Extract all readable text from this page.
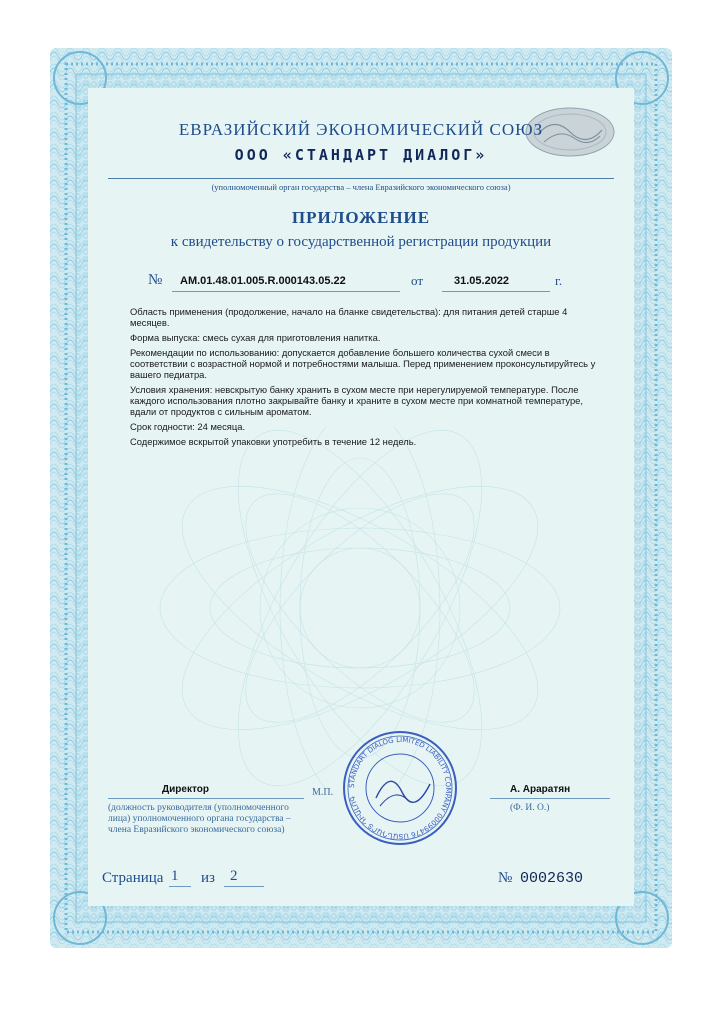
ЕВРАЗИЙСКИЙ ЭКОНОМИЧЕСКИЙ СОЮЗ
ООО «СТАНДАРТ ДИАЛОГ»
(уполномоченный орган государства – члена Евразийского экономического союза)
ПРИЛОЖЕНИЕ
к свидетельству о государственной регистрации продукции
№ AM.01.48.01.005.R.000143.05.22	от	31.05.2022	г.

Область применения (продолжение, начало на бланке свидетельства): для питания детей старше 4 месяцев.

Форма выпуска: смесь сухая для приготовления напитка.

Рекомендации по использованию: допускается добавление большего количества сухой смеси в соответствии с возрастной нормой и потребностями малыша. Перед применением проконсультируйтесь у вашего педиатра.

Условия хранения: невскрытую банку хранить в сухом месте при нерегулируемой температуре. После каждого использования плотно закрывайте банку и храните в сухом месте при комнатной температуре, вдали от продуктов с сильным ароматом.

Срок годности: 24 месяца.

Содержимое вскрытой упаковки употребить в течение 12 недель.

STANDART DIALOG LIMITED LIABILITY COMPANY 00099476 ՍՏԱՆԴԱՐՏ ԴԻԱԼՈԳ
Директор	М.П.	А. Араратян
(должность руководителя (уполномоченного лица) уполномоченного органа государства – члена Евразийского экономического союза)
(Ф. И. О.)
Страница 1 из 2	№ 0002630
